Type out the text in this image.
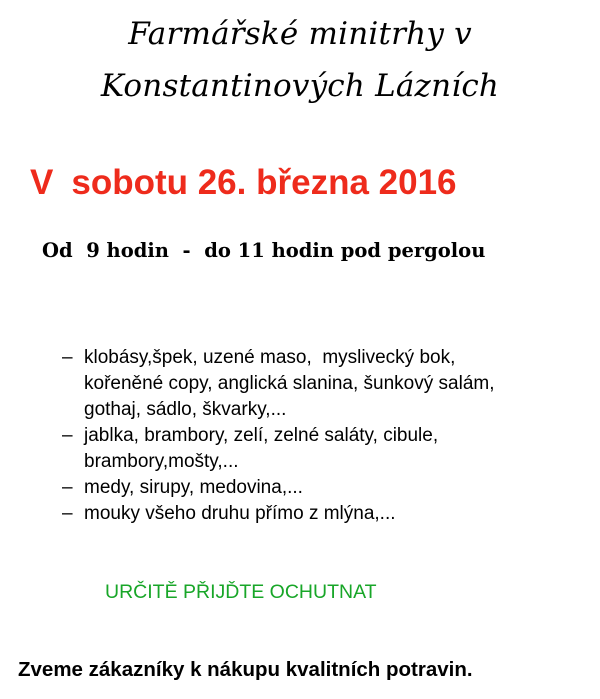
Farmářské minitrhy v
Konstantinových Lázních
V sobotu 26. března 2016
Od  9 hodin  -  do 11 hodin pod pergolou
– klobásy,špek, uzené maso,  myslivecký bok,
kořeněné copy, anglická slanina, šunkový salám,
gothaj, sádlo, škvarky,...
– jablka, brambory, zelí, zelné saláty, cibule,
brambory,mošty,...
– medy, sirupy, medovina,...
– mouky všeho druhu přímo z mlýna,...
URČITĚ PŘIJĎTE OCHUTNAT
Zveme zákazníky k nákupu kvalitních potravin.
